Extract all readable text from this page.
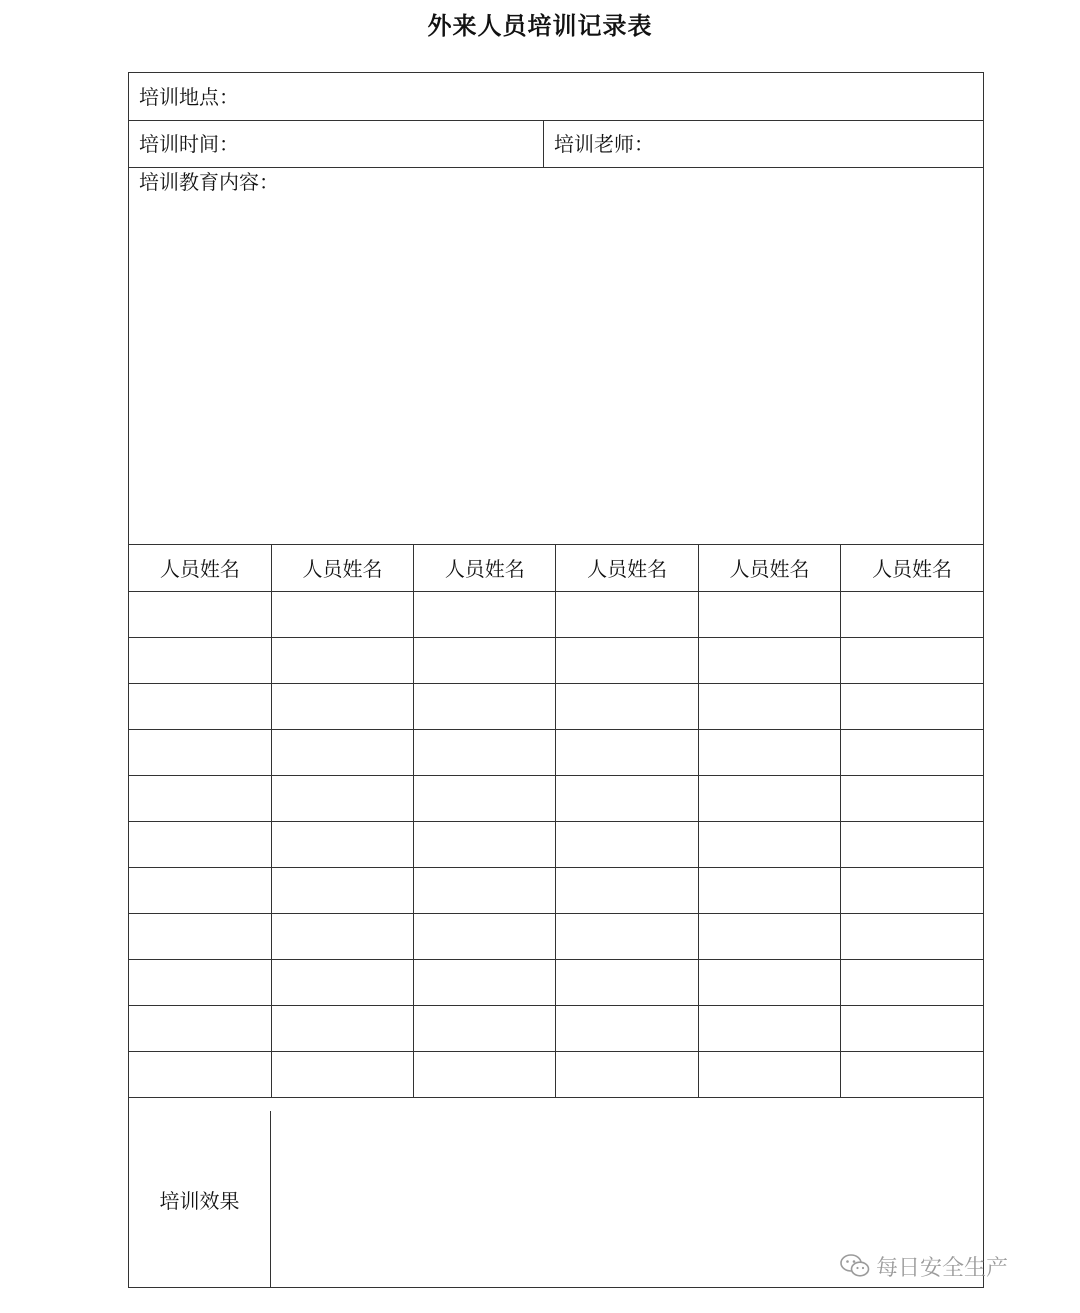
外来人员培训记录表
培训地点：
培训时间：	培训老师：
培训教育内容：
人员姓名	人员姓名	人员姓名	人员姓名	人员姓名	人员姓名

培训效果
每日安全生产
